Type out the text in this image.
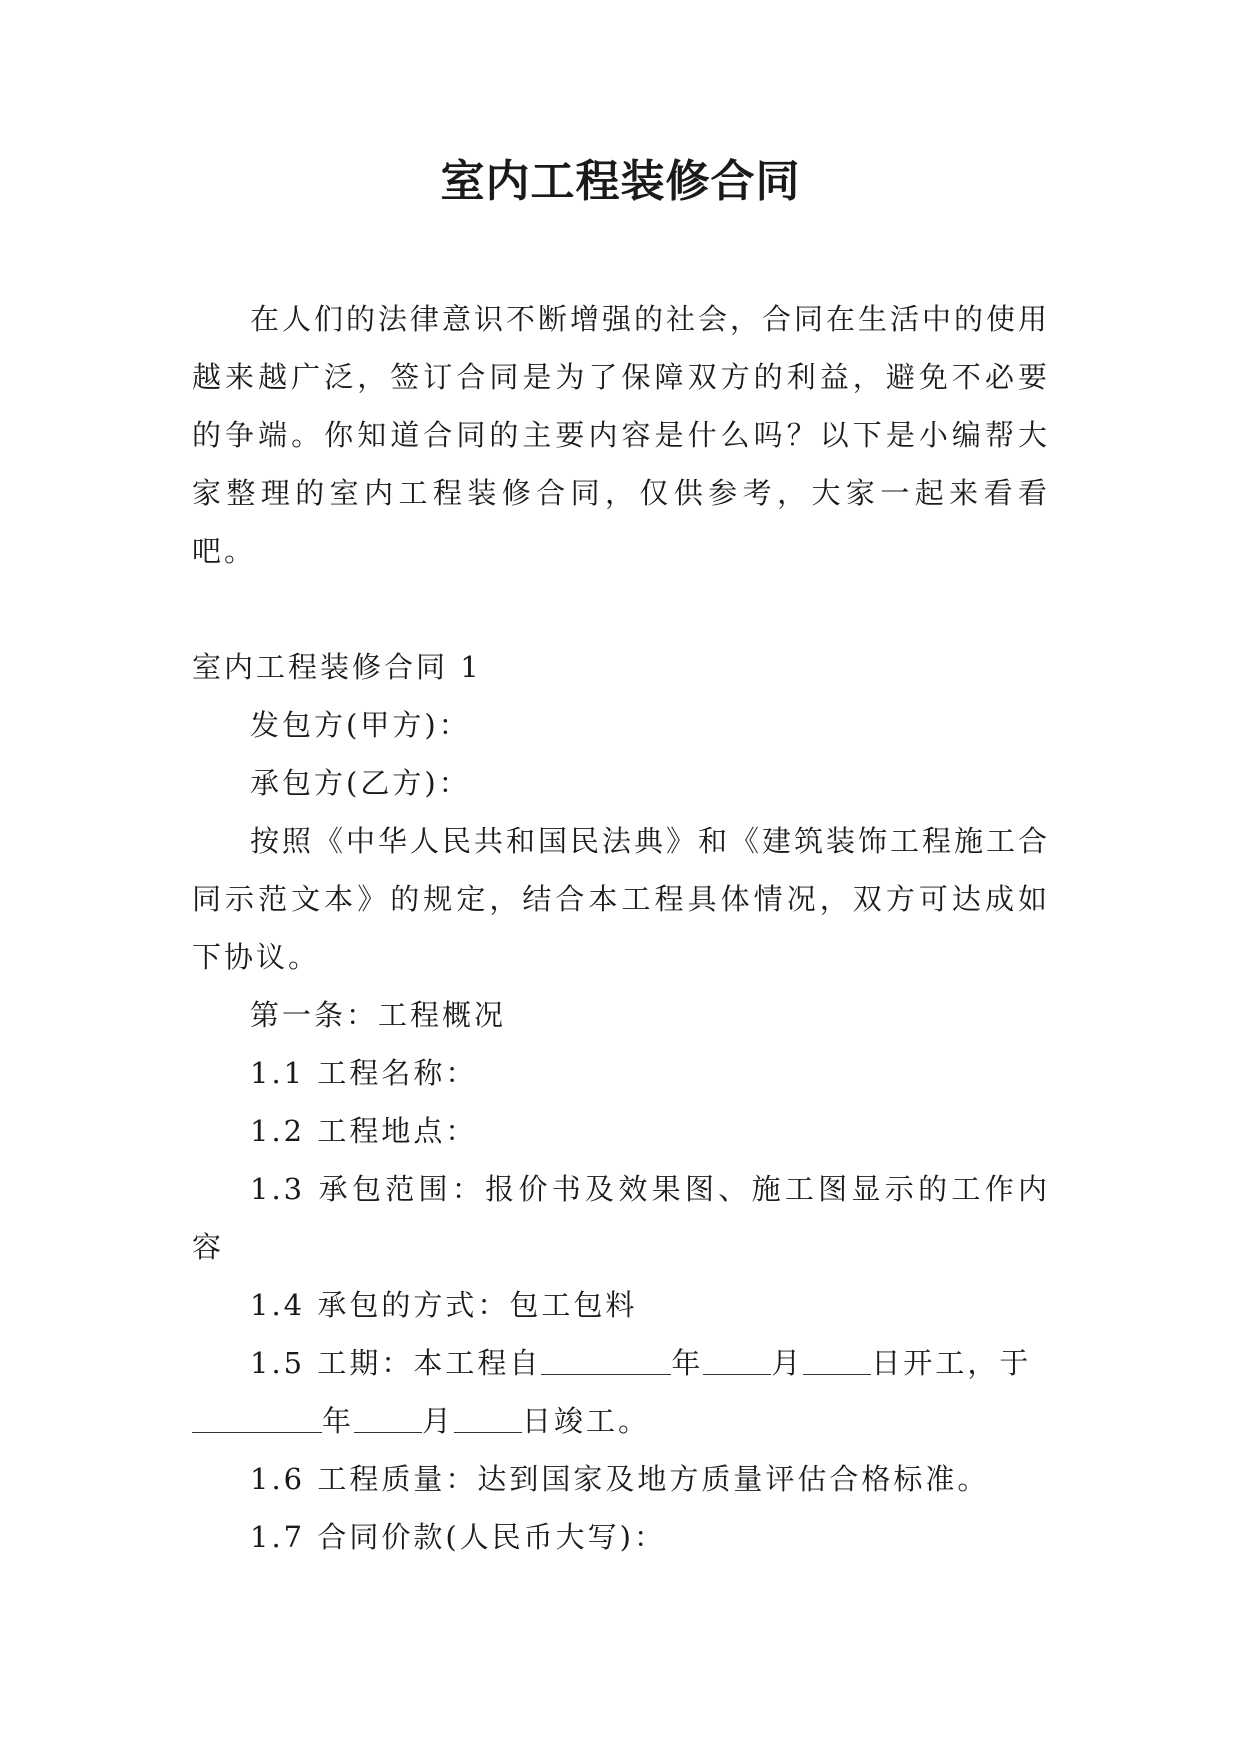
室内工程装修合同

在人们的法律意识不断增强的社会，合同在生活中的使用越来越广泛，签订合同是为了保障双方的利益，避免不必要的争端。你知道合同的主要内容是什么吗？以下是小编帮大家整理的室内工程装修合同，仅供参考，大家一起来看看吧。

室内工程装修合同 1

发包方(甲方)：

承包方(乙方)：

按照《中华人民共和国民法典》和《建筑装饰工程施工合同示范文本》的规定，结合本工程具体情况，双方可达成如下协议。

第一条：工程概况

1.1 工程名称：

1.2 工程地点：

1.3 承包范围：报价书及效果图、施工图显示的工作内容

1.4 承包的方式：包工包料

1.5 工期：本工程自	年 月 日开工，于
年 月 日竣工。

1.6 工程质量：达到国家及地方质量评估合格标准。

1.7 合同价款(人民币大写)：
